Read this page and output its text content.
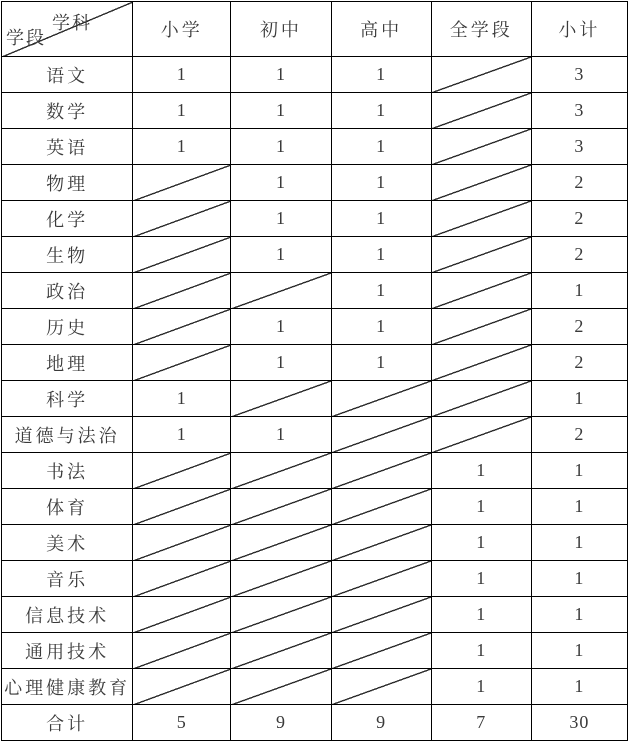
学科
学段	小学	初中	高中	全学段	小计
语文	1	1	1		3
数学	1	1	1		3
英语	1	1	1		3
物理		1	1		2
化学		1	1		2
生物		1	1		2
政治			1		1
历史		1	1		2
地理		1	1		2
科学	1				1
道德与法治	1	1			2
书法				1	1
体育				1	1
美术				1	1
音乐				1	1
信息技术				1	1
通用技术				1	1
心理健康教育				1	1
合计	5	9	9	7	30
